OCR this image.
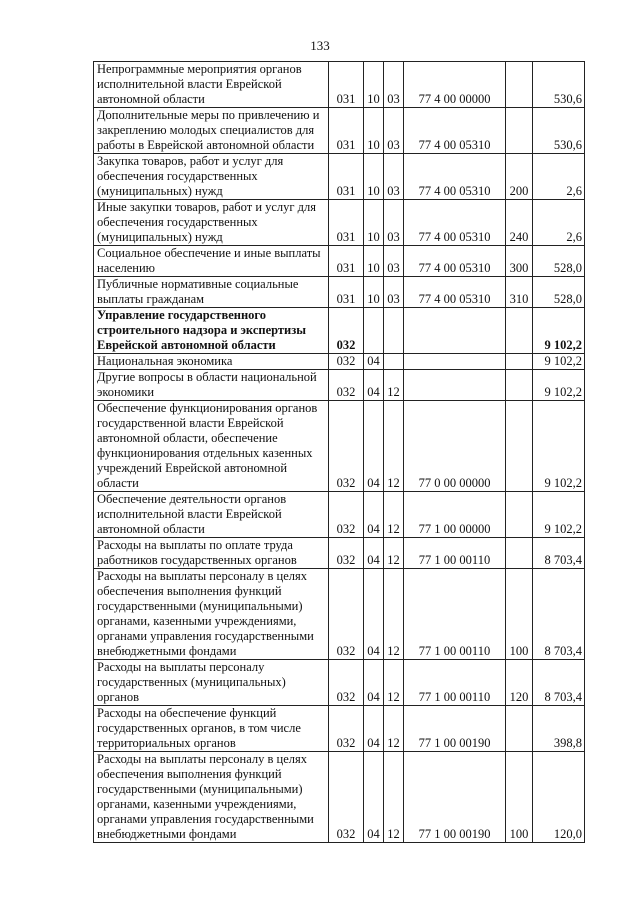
133
Непрограммные мероприятия органов исполнительной власти Еврейской автономной области	031	10	03	77 4 00 00000		530,6
Дополнительные меры по привлечению и закреплению молодых специалистов для работы в Еврейской автономной области	031	10	03	77 4 00 05310		530,6
Закупка товаров, работ и услуг для обеспечения государственных (муниципальных) нужд	031	10	03	77 4 00 05310	200	2,6
Иные закупки товаров, работ и услуг для обеспечения государственных (муниципальных) нужд	031	10	03	77 4 00 05310	240	2,6
Социальное обеспечение и иные выплаты населению	031	10	03	77 4 00 05310	300	528,0
Публичные нормативные социальные выплаты гражданам	031	10	03	77 4 00 05310	310	528,0
Управление государственного строительного надзора и экспертизы Еврейской автономной области	032					9 102,2
Национальная экономика	032	04				9 102,2
Другие вопросы в области национальной экономики	032	04	12			9 102,2
Обеспечение функционирования органов государственной власти Еврейской автономной области, обеспечение функционирования отдельных казенных учреждений Еврейской автономной области	032	04	12	77 0 00 00000		9 102,2
Обеспечение деятельности органов исполнительной власти Еврейской автономной области	032	04	12	77 1 00 00000		9 102,2
Расходы на выплаты по оплате труда работников государственных органов	032	04	12	77 1 00 00110		8 703,4
Расходы на выплаты персоналу в целях обеспечения выполнения функций государственными (муниципальными) органами, казенными учреждениями, органами управления государственными внебюджетными фондами	032	04	12	77 1 00 00110	100	8 703,4
Расходы на выплаты персоналу государственных (муниципальных) органов	032	04	12	77 1 00 00110	120	8 703,4
Расходы на обеспечение функций государственных органов, в том числе территориальных органов	032	04	12	77 1 00 00190		398,8
Расходы на выплаты персоналу в целях обеспечения выполнения функций государственными (муниципальными) органами, казенными учреждениями, органами управления государственными внебюджетными фондами	032	04	12	77 1 00 00190	100	120,0
